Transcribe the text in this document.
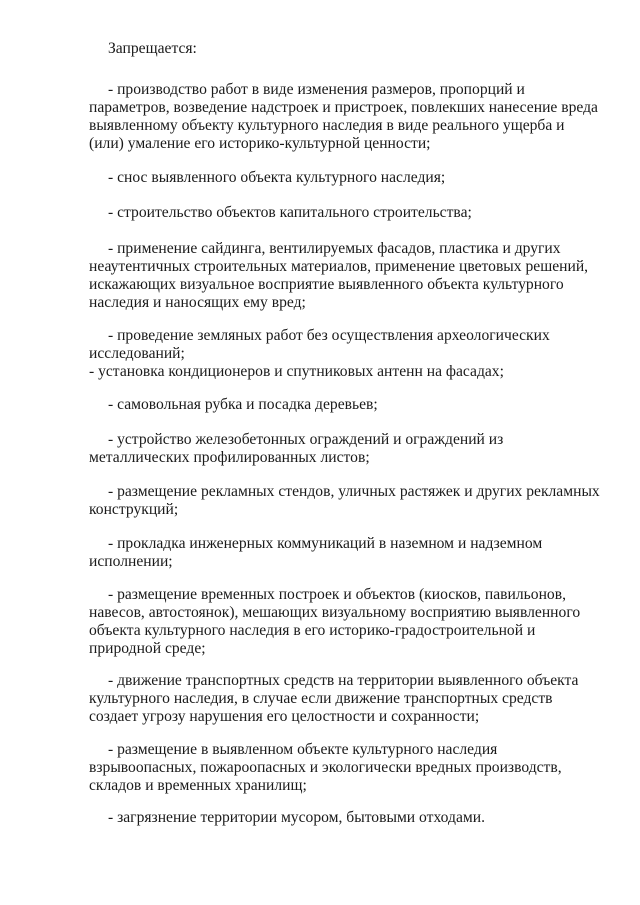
Запрещается:
- производство работ в виде изменения размеров, пропорций и
параметров, возведение надстроек и пристроек, повлекших нанесение вреда
выявленному объекту культурного наследия в виде реального ущерба и
(или) умаление его историко-культурной ценности;
- снос выявленного объекта культурного наследия;
- строительство объектов капитального строительства;
- применение сайдинга, вентилируемых фасадов, пластика и других
неаутентичных строительных материалов, применение цветовых решений,
искажающих визуальное восприятие выявленного объекта культурного
наследия и наносящих ему вред;
- проведение земляных работ без осуществления археологических
исследований;
- установка кондиционеров и спутниковых антенн на фасадах;
- самовольная рубка и посадка деревьев;
- устройство железобетонных ограждений и ограждений из
металлических профилированных листов;
- размещение рекламных стендов, уличных растяжек и других рекламных
конструкций;
- прокладка инженерных коммуникаций в наземном и надземном
исполнении;
- размещение временных построек и объектов (киосков, павильонов,
навесов, автостоянок), мешающих визуальному восприятию выявленного
объекта культурного наследия в его историко-градостроительной и
природной среде;
- движение транспортных средств на территории выявленного объекта
культурного наследия, в случае если движение транспортных средств
создает угрозу нарушения его целостности и сохранности;
- размещение в выявленном объекте культурного наследия
взрывоопасных, пожароопасных и экологически вредных производств,
складов и временных хранилищ;
- загрязнение территории мусором, бытовыми отходами.
